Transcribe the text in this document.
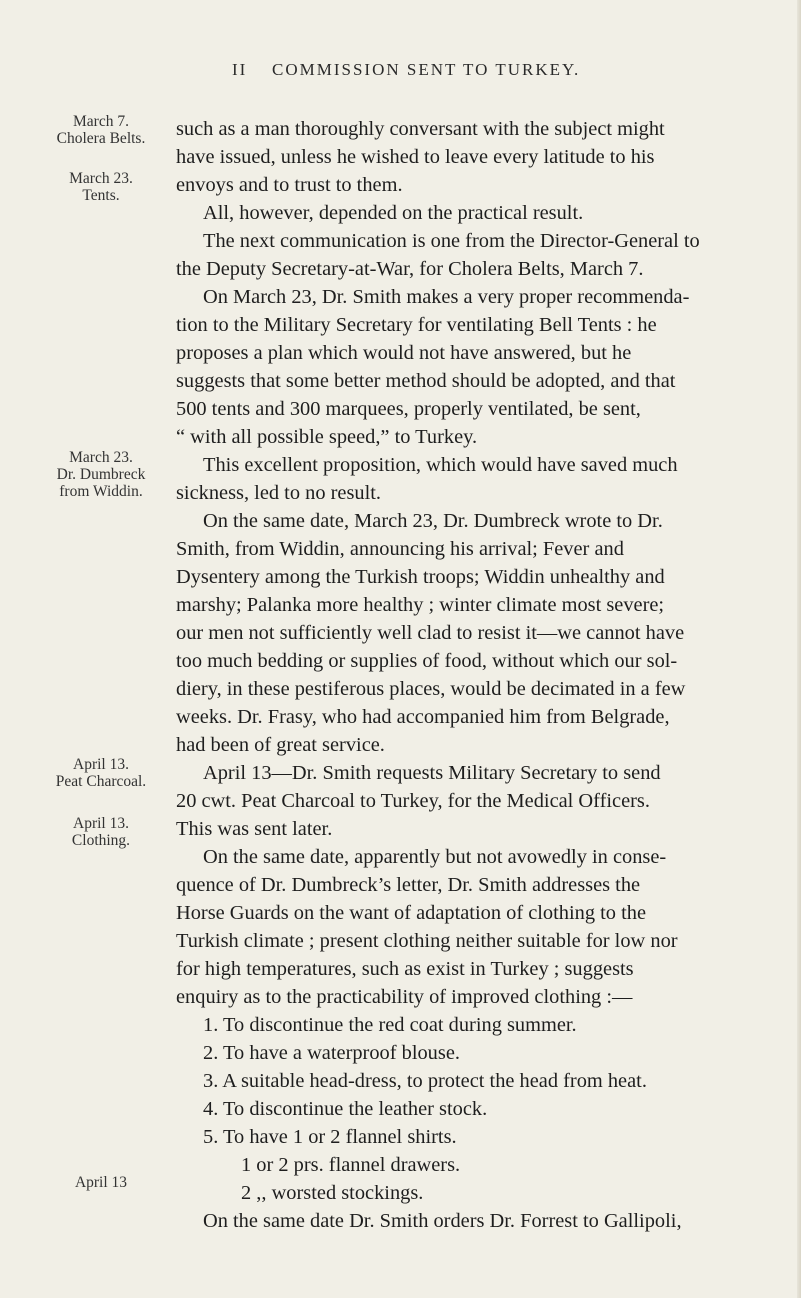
II COMMISSION SENT TO TURKEY.
March 7.
Cholera Belts.
March 23.
Tents.
March 23.
Dr. Dumbreck
from Widdin.
April 13.
Peat Charcoal.
April 13.
Clothing.
April 13
such as a man thoroughly conversant with the subject might
have issued, unless he wished to leave every latitude to his
envoys and to trust to them.
All, however, depended on the practical result.
The next communication is one from the Director-General to
the Deputy Secretary-at-War, for Cholera Belts, March 7.
On March 23, Dr. Smith makes a very proper recommenda-
tion to the Military Secretary for ventilating Bell Tents : he
proposes a plan which would not have answered, but he
suggests that some better method should be adopted, and that
500 tents and 300 marquees, properly ventilated, be sent,
“ with all possible speed,” to Turkey.
This excellent proposition, which would have saved much
sickness, led to no result.
On the same date, March 23, Dr. Dumbreck wrote to Dr.
Smith, from Widdin, announcing his arrival; Fever and
Dysentery among the Turkish troops; Widdin unhealthy and
marshy; Palanka more healthy ; winter climate most severe;
our men not sufficiently well clad to resist it—we cannot have
too much bedding or supplies of food, without which our sol-
diery, in these pestiferous places, would be decimated in a few
weeks. Dr. Frasy, who had accompanied him from Belgrade,
had been of great service.
April 13—Dr. Smith requests Military Secretary to send
20 cwt. Peat Charcoal to Turkey, for the Medical Officers.
This was sent later.
On the same date, apparently but not avowedly in conse-
quence of Dr. Dumbreck’s letter, Dr. Smith addresses the
Horse Guards on the want of adaptation of clothing to the
Turkish climate ; present clothing neither suitable for low nor
for high temperatures, such as exist in Turkey ; suggests
enquiry as to the practicability of improved clothing :—
1. To discontinue the red coat during summer.
2. To have a waterproof blouse.
3. A suitable head-dress, to protect the head from heat.
4. To discontinue the leather stock.
5. To have 1 or 2 flannel shirts.
1 or 2 prs. flannel drawers.
2 ,, worsted stockings.
On the same date Dr. Smith orders Dr. Forrest to Gallipoli,
